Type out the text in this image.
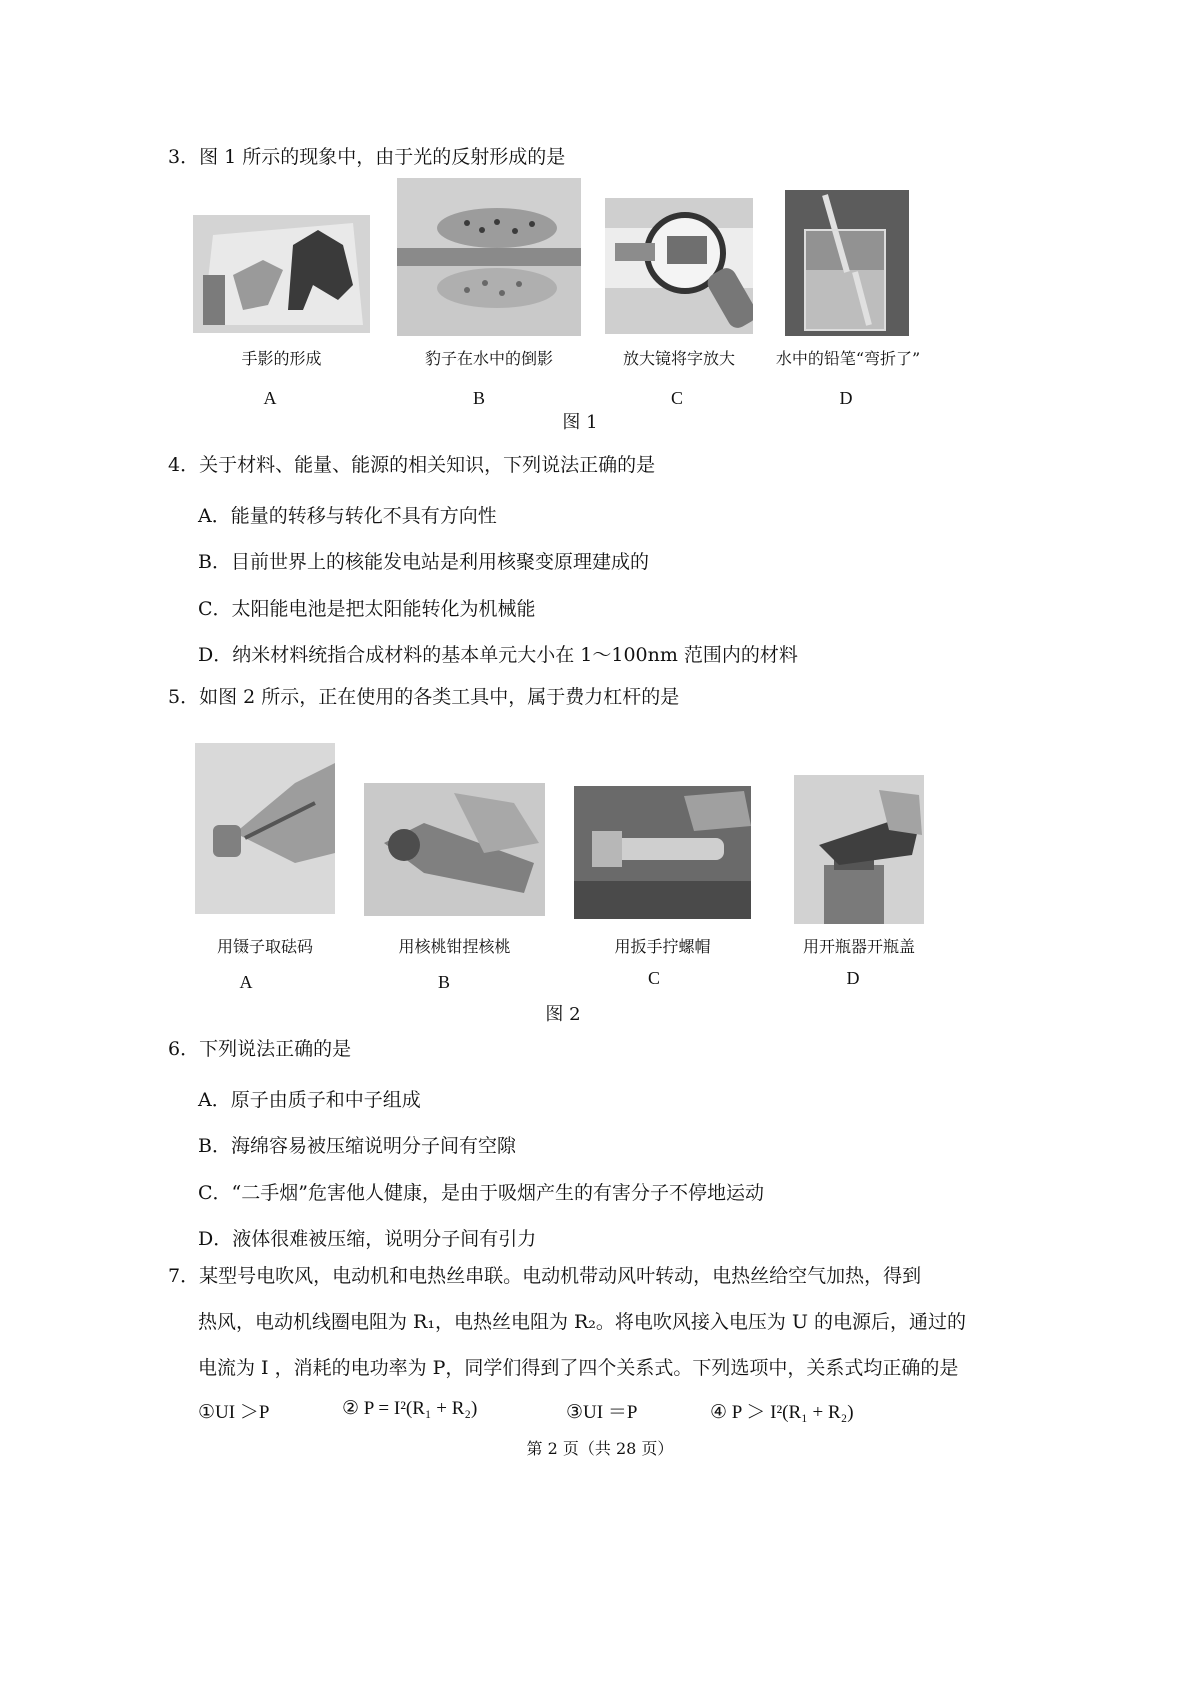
3．图 1 所示的现象中，由于光的反射形成的是
手影的形成	豹子在水中的倒影	放大镜将字放大	水中的铅笔“弯折了”
A	B	C	D
图 1
4．关于材料、能量、能源的相关知识，下列说法正确的是
A．能量的转移与转化不具有方向性
B．目前世界上的核能发电站是利用核聚变原理建成的
C．太阳能电池是把太阳能转化为机械能
D．纳米材料统指合成材料的基本单元大小在 1～100nm 范围内的材料
5．如图 2 所示，正在使用的各类工具中，属于费力杠杆的是
用镊子取砝码	用核桃钳捏核桃	用扳手拧螺帽	用开瓶器开瓶盖
A	B	C	D
图 2
6．下列说法正确的是
A．原子由质子和中子组成
B．海绵容易被压缩说明分子间有空隙
C．“二手烟”危害他人健康，是由于吸烟产生的有害分子不停地运动
D．液体很难被压缩，说明分子间有引力
7．某型号电吹风，电动机和电热丝串联。电动机带动风叶转动，电热丝给空气加热，得到
热风，电动机线圈电阻为 R₁，电热丝电阻为 R₂。将电吹风接入电压为 U 的电源后，通过的
电流为 I ，消耗的电功率为 P，同学们得到了四个关系式。下列选项中，关系式均正确的是
①UI ＞P	② P = I²(R₁ + R₂)	③UI ＝P	④ P ＞ I²(R₁ + R₂)
第 2 页（共 28 页）
